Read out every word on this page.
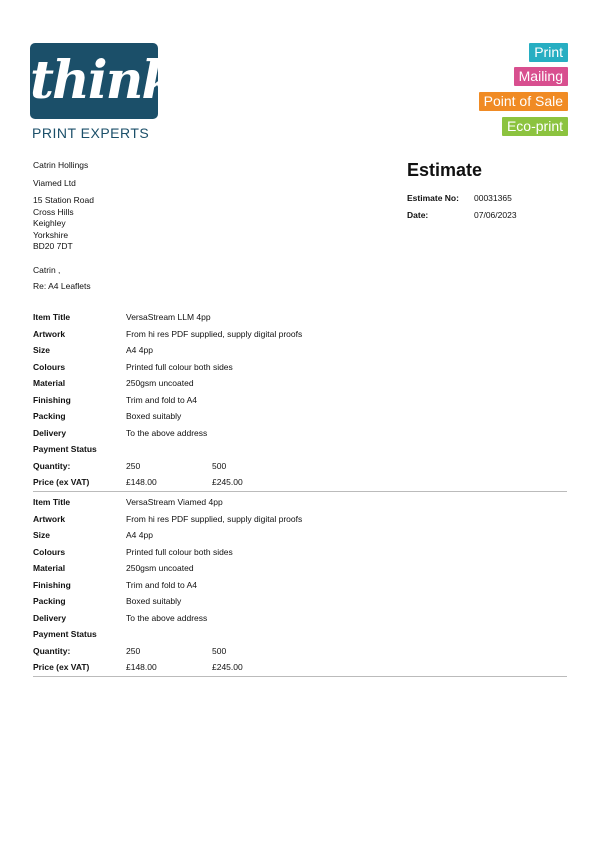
think
PRINT EXPERTS
Print
Mailing
Point of Sale
Eco-print
Catrin Hollings
Viamed Ltd
15 Station Road
Cross Hills
Keighley
Yorkshire
BD20 7DT
Estimate
Estimate No: 00031365
Date:	07/06/2023
Catrin ,
Re: A4 Leaflets
Item Title	VersaStream LLM 4pp
Artwork	From hi res PDF supplied, supply digital proofs
Size	A4 4pp
Colours	Printed full colour both sides
Material	250gsm uncoated
Finishing	Trim and fold to A4
Packing	Boxed suitably
Delivery	To the above address
Payment Status
Quantity:	250	500
Price (ex VAT)	£148.00	£245.00
Item Title	VersaStream Viamed 4pp
Artwork	From hi res PDF supplied, supply digital proofs
Size	A4 4pp
Colours	Printed full colour both sides
Material	250gsm uncoated
Finishing	Trim and fold to A4
Packing	Boxed suitably
Delivery	To the above address
Payment Status
Quantity:	250	500
Price (ex VAT)	£148.00	£245.00
